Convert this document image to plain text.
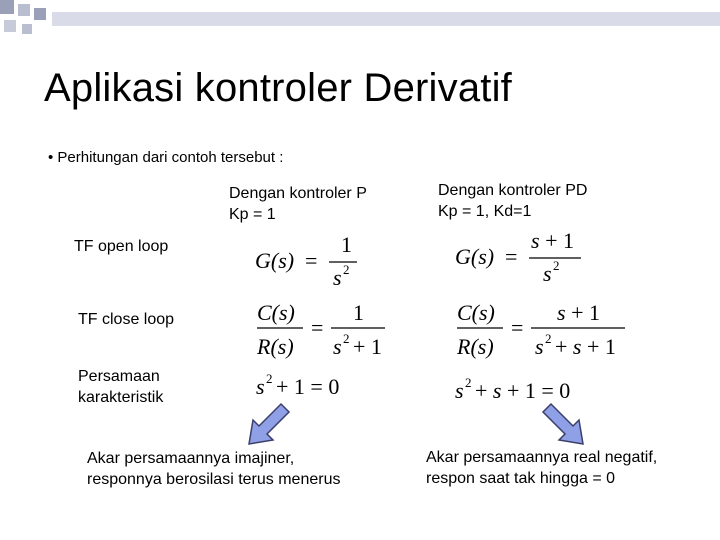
Aplikasi kontroler Derivatif
• Perhitungan dari contoh tersebut :
Dengan kontroler P
Kp = 1
Dengan kontroler PD
Kp = 1, Kd=1
TF open loop
TF close loop
Persamaan
karakteristik
G(s) =
1
s 2
G(s) =
s + 1
s 2
C(s)
R(s)
=
1
s 2 + 1
C(s)
R(s)
=
s + 1
s 2 + s + 1
s 2 + 1 = 0	s 2 + s + 1 = 0
Akar persamaannya imajiner,
responnya berosilasi terus menerus
Akar persamaannya real negatif,
respon saat tak hingga = 0
